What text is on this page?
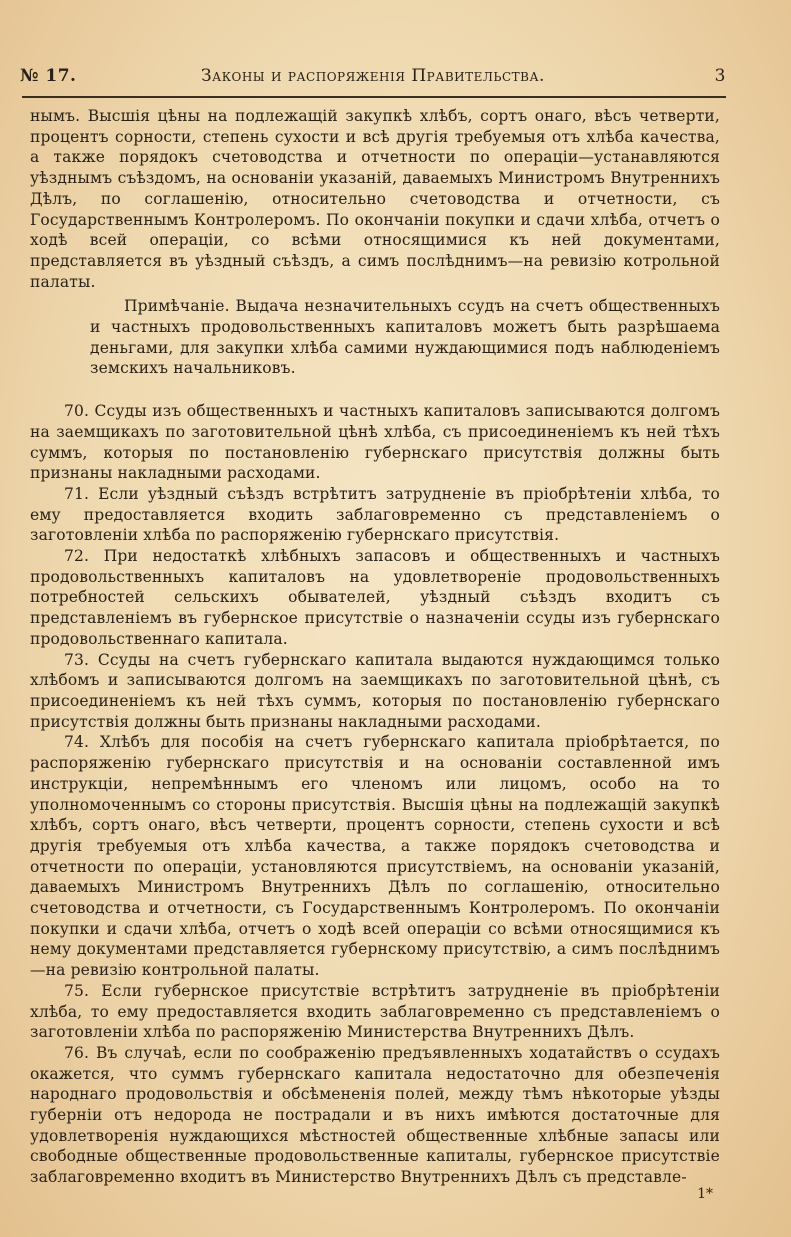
№ 17.	Законы и распоряженія Правительства.	3

нымъ. Высшія цѣны на подлежащій закупкѣ хлѣбъ, сортъ онаго, вѣсъ четверти, процентъ сорности, степень сухости и всѣ другія требуемыя отъ хлѣба качества, а также порядокъ счетоводства и отчетности по операціи—устанавляются уѣзднымъ съѣздомъ, на основаніи указаній, даваемыхъ Министромъ Внутреннихъ Дѣлъ, по соглашенію, относительно счетоводства и отчетности, съ Государственнымъ Контролеромъ. По окончаніи покупки и сдачи хлѣба, отчетъ о ходѣ всей операціи, со всѣми относящимися къ ней документами, представляется въ уѣздный съѣздъ, а симъ послѣднимъ—на ревизію котрольной палаты.

Примѣчаніе. Выдача незначительныхъ ссудъ на счетъ общественныхъ и частныхъ продовольственныхъ капиталовъ можетъ быть разрѣшаема деньгами, для закупки хлѣба самими нуждающимися подъ наблюденіемъ земскихъ начальниковъ.

70. Ссуды изъ общественныхъ и частныхъ капиталовъ записываются долгомъ на заемщикахъ по заготовительной цѣнѣ хлѣба, съ присоединеніемъ къ ней тѣхъ суммъ, которыя по постановленію губернскаго присутствія должны быть признаны накладными расходами.

71. Если уѣздный съѣздъ встрѣтитъ затрудненіе въ пріобрѣтеніи хлѣба, то ему предоставляется входить заблаговременно съ представленіемъ о заготовленіи хлѣба по распоряженію губернскаго присутствія.

72. При недостаткѣ хлѣбныхъ запасовъ и общественныхъ и частныхъ продовольственныхъ капиталовъ на удовлетвореніе продовольственныхъ потребностей сельскихъ обывателей, уѣздный съѣздъ входитъ съ представленіемъ въ губернское присутствіе о назначеніи ссуды изъ губернскаго продовольственнаго капитала.

73. Ссуды на счетъ губернскаго капитала выдаются нуждающимся только хлѣбомъ и записываются долгомъ на заемщикахъ по заготовительной цѣнѣ, съ присоединеніемъ къ ней тѣхъ суммъ, которыя по постановленію губернскаго присутствія должны быть признаны накладными расходами.

74. Хлѣбъ для пособія на счетъ губернскаго капитала пріобрѣтается, по распоряженію губернскаго присутствія и на основаніи составленной имъ инструкціи, непремѣннымъ его членомъ или лицомъ, особо на то уполномоченнымъ со стороны присутствія. Высшія цѣны на подлежащій закупкѣ хлѣбъ, сортъ онаго, вѣсъ четверти, процентъ сорности, степень сухости и всѣ другія требуемыя отъ хлѣба качества, а также порядокъ счетоводства и отчетности по операціи, установляются присутствіемъ, на основаніи указаній, даваемыхъ Министромъ Внутреннихъ Дѣлъ по соглашенію, относительно счетоводства и отчетности, съ Государственнымъ Контролеромъ. По окончаніи покупки и сдачи хлѣба, отчетъ о ходѣ всей операціи со всѣми относящимися къ нему документами представляется губернскому присутствію, а симъ послѣднимъ—на ревизію контрольной палаты.

75. Если губернское присутствіе встрѣтитъ затрудненіе въ пріобрѣтеніи хлѣба, то ему предоставляется входить заблаговременно съ представленіемъ о заготовленіи хлѣба по распоряженію Министерства Внутреннихъ Дѣлъ.

76. Въ случаѣ, если по соображенію предъявленныхъ ходатайствъ о ссудахъ окажется, что суммъ губернскаго капитала недостаточно для обезпеченія народнаго продовольствія и обсѣмененія полей, между тѣмъ нѣкоторые уѣзды губерніи отъ недорода не пострадали и въ нихъ имѣются достаточные для удовлетворенія нуждающихся мѣстностей общественные хлѣбные запасы или свободные общественные продовольственные капиталы, губернское присутствіе заблаговременно входитъ въ Министерство Внутреннихъ Дѣлъ съ представле-

1*
